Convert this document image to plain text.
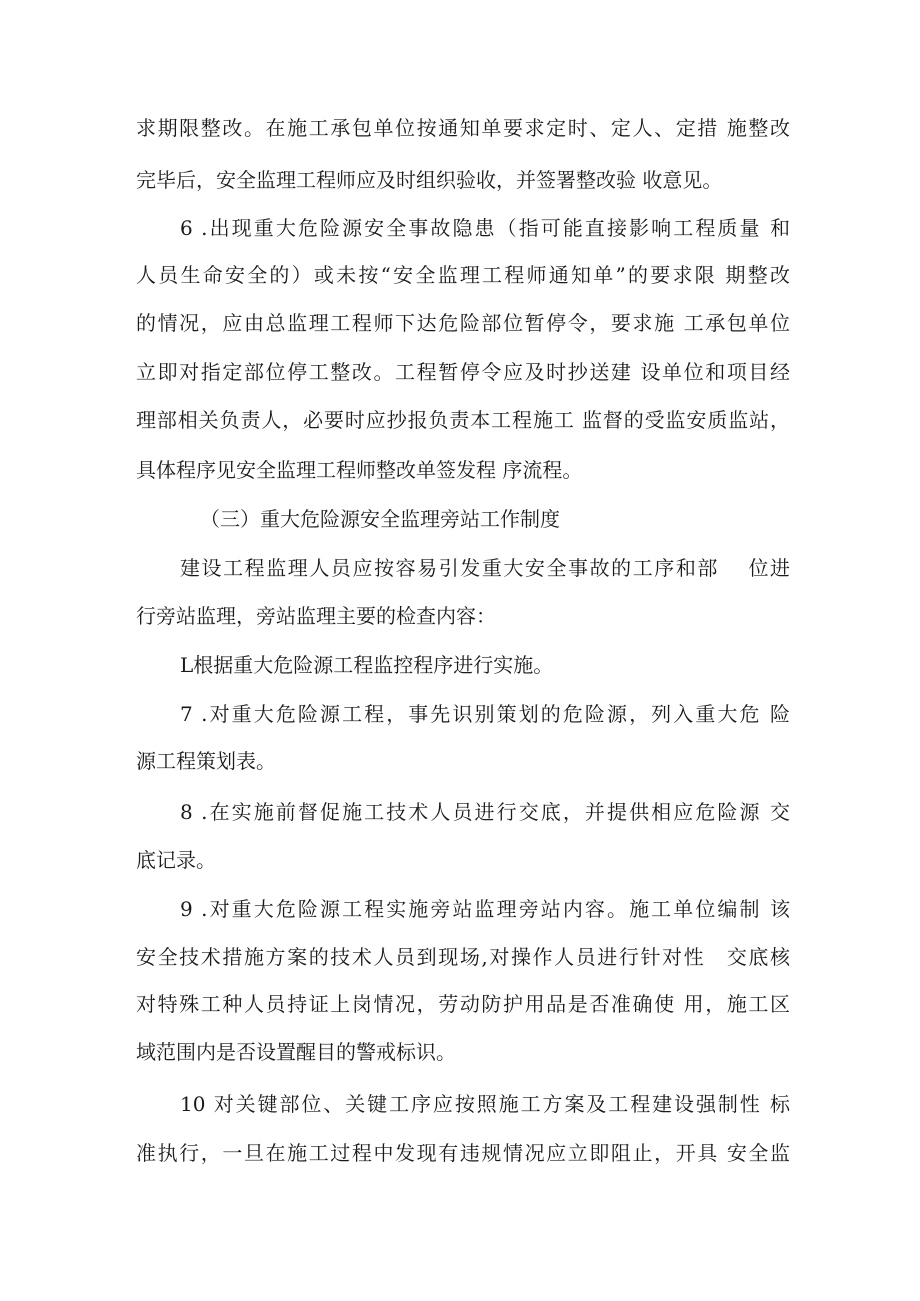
求期限整改。在施工承包单位按通知单要求定时、定人、定措 施整改
完毕后，安全监理工程师应及时组织验收，并签署整改验 收意见。
6 .出现重大危险源安全事故隐患（指可能直接影响工程质量 和
人员生命安全的）或未按“安全监理工程师通知单”的要求限 期整改
的情况，应由总监理工程师下达危险部位暂停令，要求施 工承包单位
立即对指定部位停工整改。工程暂停令应及时抄送建 设单位和项目经
理部相关负责人，必要时应抄报负责本工程施工 监督的受监安质监站，
具体程序见安全监理工程师整改单签发程 序流程。
（三）重大危险源安全监理旁站工作制度
建设工程监理人员应按容易引发重大安全事故的工序和部　 位进
行旁站监理，旁站监理主要的检查内容：
L根据重大危险源工程监控程序进行实施。
7 .对重大危险源工程，事先识别策划的危险源，列入重大危 险
源工程策划表。
8 .在实施前督促施工技术人员进行交底，并提供相应危险源 交
底记录。
9 .对重大危险源工程实施旁站监理旁站内容。施工单位编制 该
安全技术措施方案的技术人员到现场,对操作人员进行针对性　交底核
对特殊工种人员持证上岗情况，劳动防护用品是否准确使 用，施工区
域范围内是否设置醒目的警戒标识。
10 对关键部位、关键工序应按照施工方案及工程建设强制性 标
准执行，一旦在施工过程中发现有违规情况应立即阻止，开具 安全监
